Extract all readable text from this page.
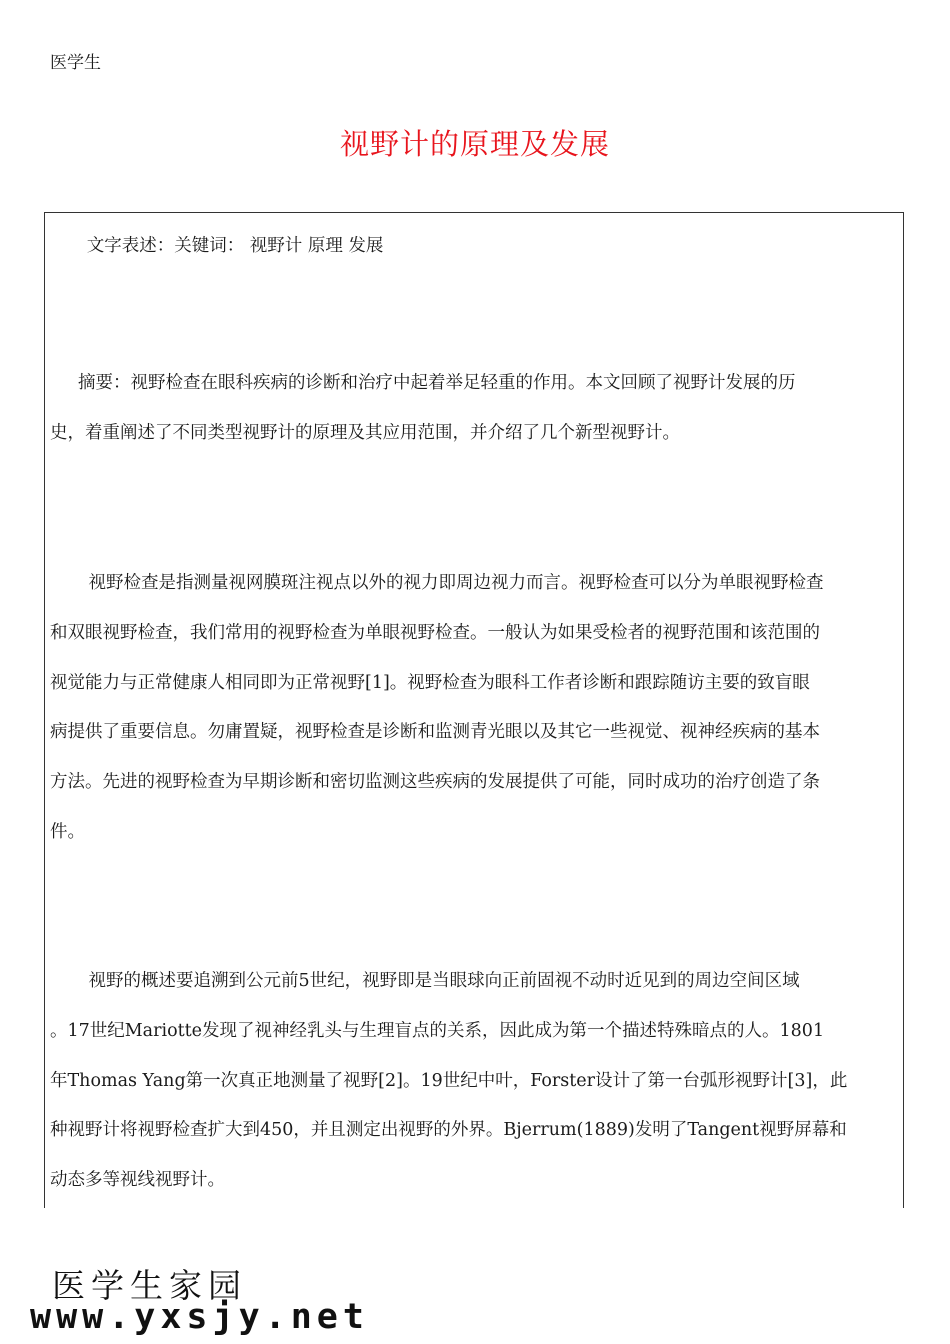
医学生
视野计的原理及发展
文字表述：关键词： 视野计 原理 发展
摘要：视野检查在眼科疾病的诊断和治疗中起着举足轻重的作用。本文回顾了视野计发展的历
史，着重阐述了不同类型视野计的原理及其应用范围，并介绍了几个新型视野计。
视野检查是指测量视网膜斑注视点以外的视力即周边视力而言。视野检查可以分为单眼视野检查
和双眼视野检查，我们常用的视野检查为单眼视野检查。一般认为如果受检者的视野范围和该范围的
视觉能力与正常健康人相同即为正常视野[1]。视野检查为眼科工作者诊断和跟踪随访主要的致盲眼
病提供了重要信息。勿庸置疑，视野检查是诊断和监测青光眼以及其它一些视觉、视神经疾病的基本
方法。先进的视野检查为早期诊断和密切监测这些疾病的发展提供了可能，同时成功的治疗创造了条
件。
视野的概述要追溯到公元前5世纪，视野即是当眼球向正前固视不动时近见到的周边空间区域
。17世纪Mariotte发现了视神经乳头与生理盲点的关系，因此成为第一个描述特殊暗点的人。1801
年Thomas Yang第一次真正地测量了视野[2]。19世纪中叶，Forster设计了第一台弧形视野计[3]，此
种视野计将视野检查扩大到450，并且测定出视野的外界。Bjerrum(1889)发明了Tangent视野屏幕和
动态多等视线视野计。
医学生家园
www.yxsjy.net
